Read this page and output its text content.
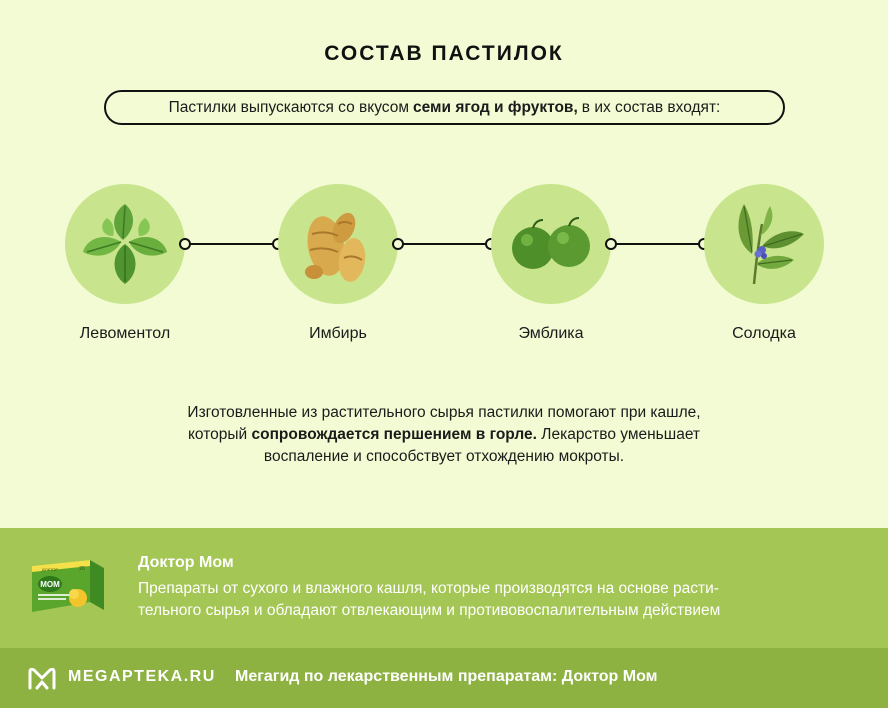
СОСТАВ ПАСТИЛОК
Пастилки выпускаются со вкусом семи ягод и фруктов, в их состав входят:
Левоментол	Имбирь	Эмблика	Солодка
Изготовленные из растительного сырья пастилки помогают при кашле,
который сопровождается першением в горле. Лекарство уменьшает
воспаление и способствует отхождению мокроты.
ДОКТОР
МОМ
20	Доктор Мом
Препараты от сухого и влажного кашля, которые производятся на основе расти-
тельного сырья и обладают отвлекающим и противовоспалительным действием
MEGAPTEKA.RU Мегагид по лекарственным препаратам: Доктор Мом
